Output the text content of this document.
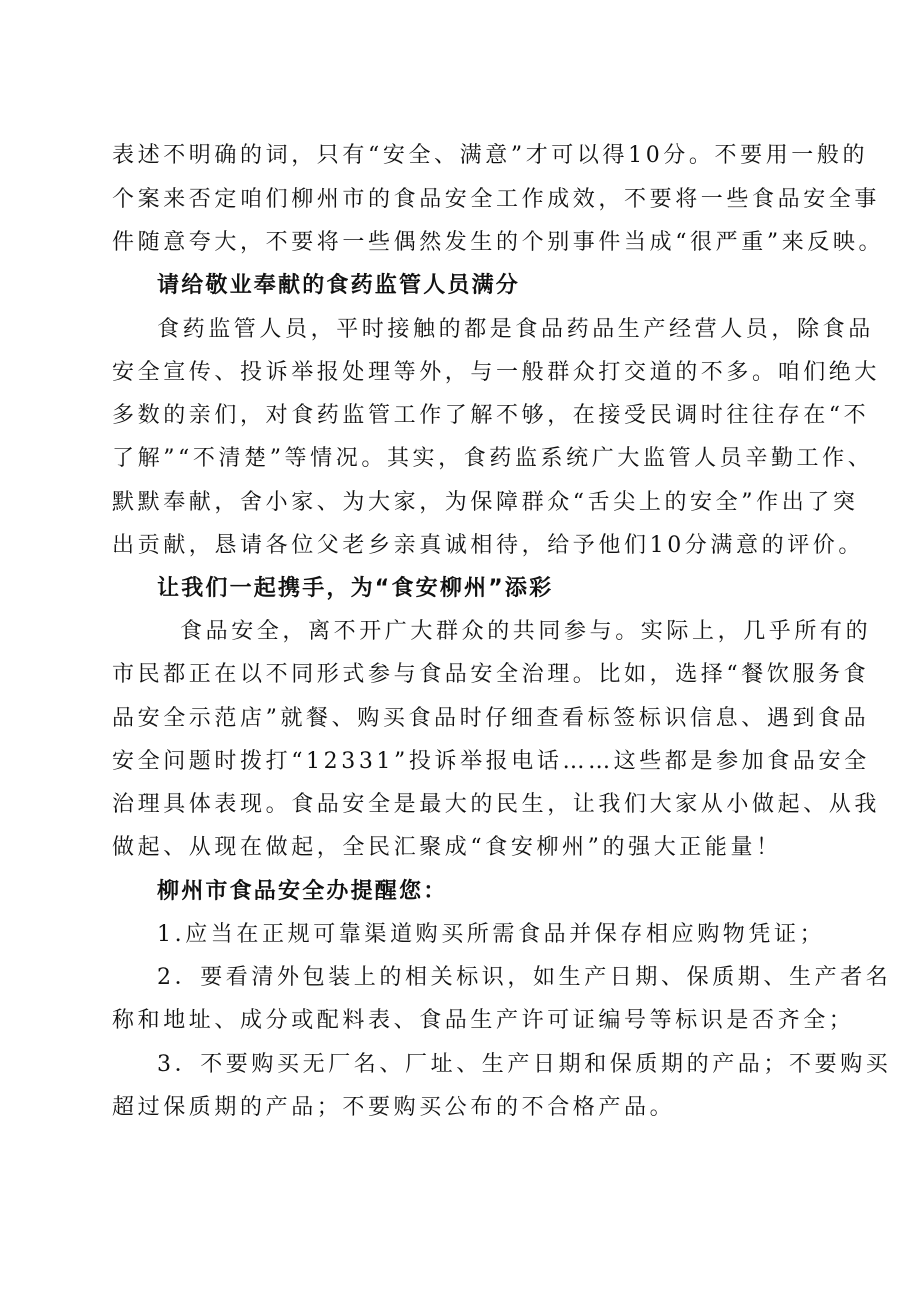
表述不明确的词，只有“安全、满意”才可以得10分。不要用一般的
个案来否定咱们柳州市的食品安全工作成效，不要将一些食品安全事
件随意夸大，不要将一些偶然发生的个别事件当成“很严重”来反映。
请给敬业奉献的食药监管人员满分
食药监管人员，平时接触的都是食品药品生产经营人员，除食品
安全宣传、投诉举报处理等外，与一般群众打交道的不多。咱们绝大
多数的亲们，对食药监管工作了解不够，在接受民调时往往存在“不
了解”“不清楚”等情况。其实，食药监系统广大监管人员辛勤工作、
默默奉献，舍小家、为大家，为保障群众“舌尖上的安全”作出了突
出贡献，恳请各位父老乡亲真诚相待，给予他们10分满意的评价。
让我们一起携手，为“食安柳州”添彩
食品安全，离不开广大群众的共同参与。实际上，几乎所有的
市民都正在以不同形式参与食品安全治理。比如，选择“餐饮服务食
品安全示范店”就餐、购买食品时仔细查看标签标识信息、遇到食品
安全问题时拨打“12331”投诉举报电话……这些都是参加食品安全
治理具体表现。食品安全是最大的民生，让我们大家从小做起、从我
做起、从现在做起，全民汇聚成“食安柳州”的强大正能量！
柳州市食品安全办提醒您：
1.应当在正规可靠渠道购买所需食品并保存相应购物凭证；
2．要看清外包装上的相关标识，如生产日期、保质期、生产者名
称和地址、成分或配料表、食品生产许可证编号等标识是否齐全；
3．不要购买无厂名、厂址、生产日期和保质期的产品；不要购买
超过保质期的产品；不要购买公布的不合格产品。
